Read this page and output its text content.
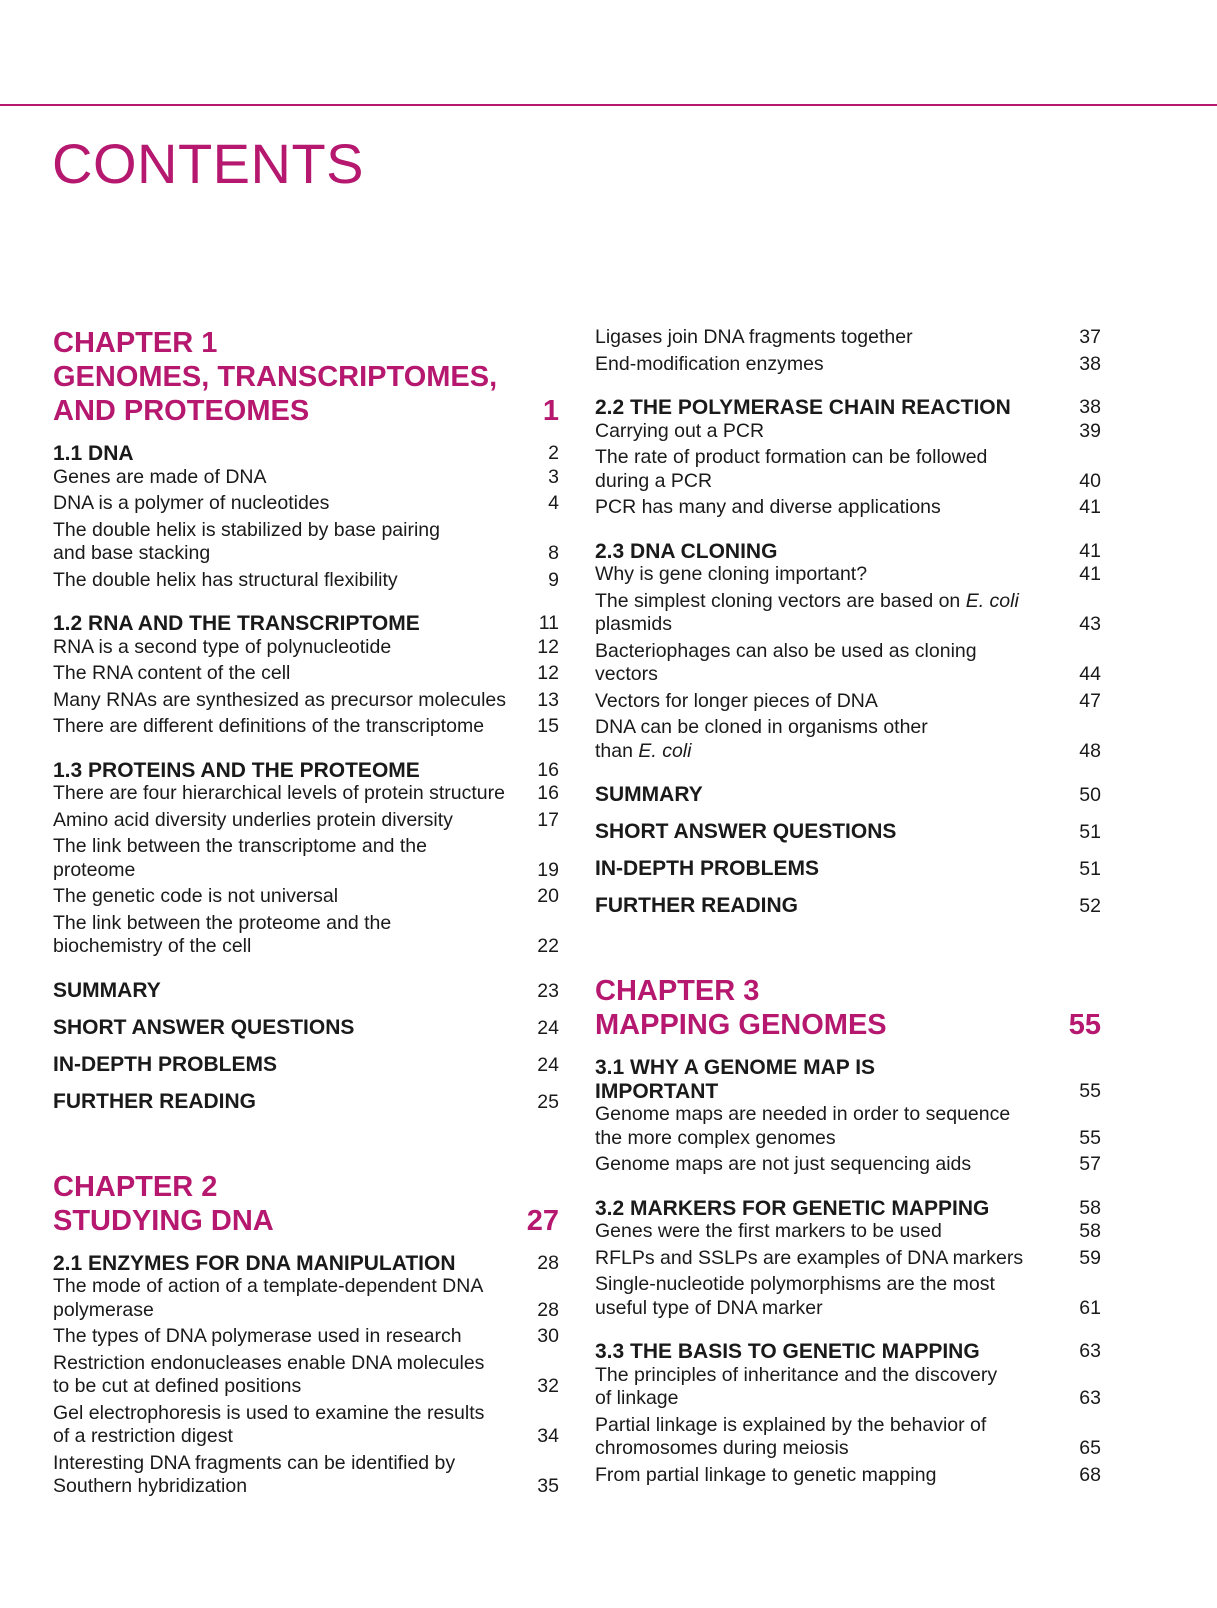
CONTENTS
CHAPTER 1
GENOMES, TRANSCRIPTOMES,
AND PROTEOMES	1
1.1 DNA	2
Genes are made of DNA	3
DNA is a polymer of nucleotides	4
The double helix is stabilized by base pairing
and base stacking	8
The double helix has structural flexibility	9
1.2 RNA AND THE TRANSCRIPTOME	11
RNA is a second type of polynucleotide	12
The RNA content of the cell	12
Many RNAs are synthesized as precursor molecules	13
There are different definitions of the transcriptome	15
1.3 PROTEINS AND THE PROTEOME	16
There are four hierarchical levels of protein structure	16
Amino acid diversity underlies protein diversity	17
The link between the transcriptome and the
proteome	19
The genetic code is not universal	20
The link between the proteome and the
biochemistry of the cell	22
SUMMARY	23
SHORT ANSWER QUESTIONS	24
IN-DEPTH PROBLEMS	24
FURTHER READING	25
CHAPTER 2
STUDYING DNA	27
2.1 ENZYMES FOR DNA MANIPULATION	28
The mode of action of a template-dependent DNA
polymerase	28
The types of DNA polymerase used in research	30
Restriction endonucleases enable DNA molecules
to be cut at defined positions	32
Gel electrophoresis is used to examine the results
of a restriction digest	34
Interesting DNA fragments can be identified by
Southern hybridization	35
Ligases join DNA fragments together	37
End-modification enzymes	38
2.2 THE POLYMERASE CHAIN REACTION	38
Carrying out a PCR	39
The rate of product formation can be followed
during a PCR	40
PCR has many and diverse applications	41
2.3 DNA CLONING	41
Why is gene cloning important?	41
The simplest cloning vectors are based on E. coli
plasmids	43
Bacteriophages can also be used as cloning
vectors	44
Vectors for longer pieces of DNA	47
DNA can be cloned in organisms other
than E. coli	48
SUMMARY	50
SHORT ANSWER QUESTIONS	51
IN-DEPTH PROBLEMS	51
FURTHER READING	52
CHAPTER 3
MAPPING GENOMES	55
3.1 WHY A GENOME MAP IS
IMPORTANT	55
Genome maps are needed in order to sequence
the more complex genomes	55
Genome maps are not just sequencing aids	57
3.2 MARKERS FOR GENETIC MAPPING	58
Genes were the first markers to be used	58
RFLPs and SSLPs are examples of DNA markers	59
Single-nucleotide polymorphisms are the most
useful type of DNA marker	61
3.3 THE BASIS TO GENETIC MAPPING	63
The principles of inheritance and the discovery
of linkage	63
Partial linkage is explained by the behavior of
chromosomes during meiosis	65
From partial linkage to genetic mapping	68
